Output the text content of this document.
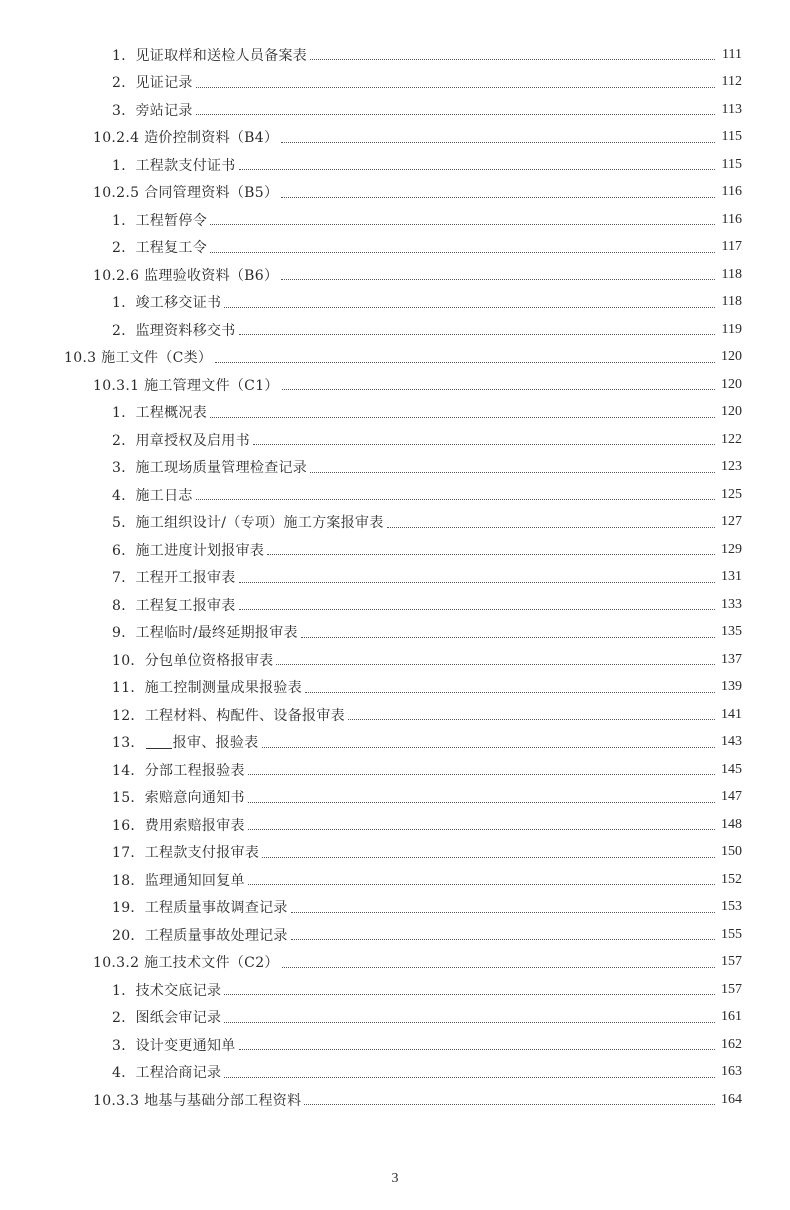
1．见证取样和送检人员备案表	111
2．见证记录	112
3．旁站记录	113
10.2.4 造价控制资料（B4）	115
1．工程款支付证书	115
10.2.5 合同管理资料（B5）	116
1．工程暂停令	116
2．工程复工令	117
10.2.6 监理验收资料（B6）	118
1．竣工移交证书	118
2．监理资料移交书	119
10.3 施工文件（C类）	120
10.3.1 施工管理文件（C1）	120
1．工程概况表	120
2．用章授权及启用书	122
3．施工现场质量管理检查记录	123
4．施工日志	125
5．施工组织设计/（专项）施工方案报审表	127
6．施工进度计划报审表	129
7．工程开工报审表	131
8．工程复工报审表	133
9．工程临时/最终延期报审表	135
10．分包单位资格报审表	137
11．施工控制测量成果报验表	139
12．工程材料、构配件、设备报审表	141
13． 报审、报验表	143
14．分部工程报验表	145
15．索赔意向通知书	147
16．费用索赔报审表	148
17．工程款支付报审表	150
18．监理通知回复单	152
19．工程质量事故调查记录	153
20．工程质量事故处理记录	155
10.3.2 施工技术文件（C2）	157
1．技术交底记录	157
2．图纸会审记录	161
3．设计变更通知单	162
4．工程洽商记录	163
10.3.3 地基与基础分部工程资料	164
3
